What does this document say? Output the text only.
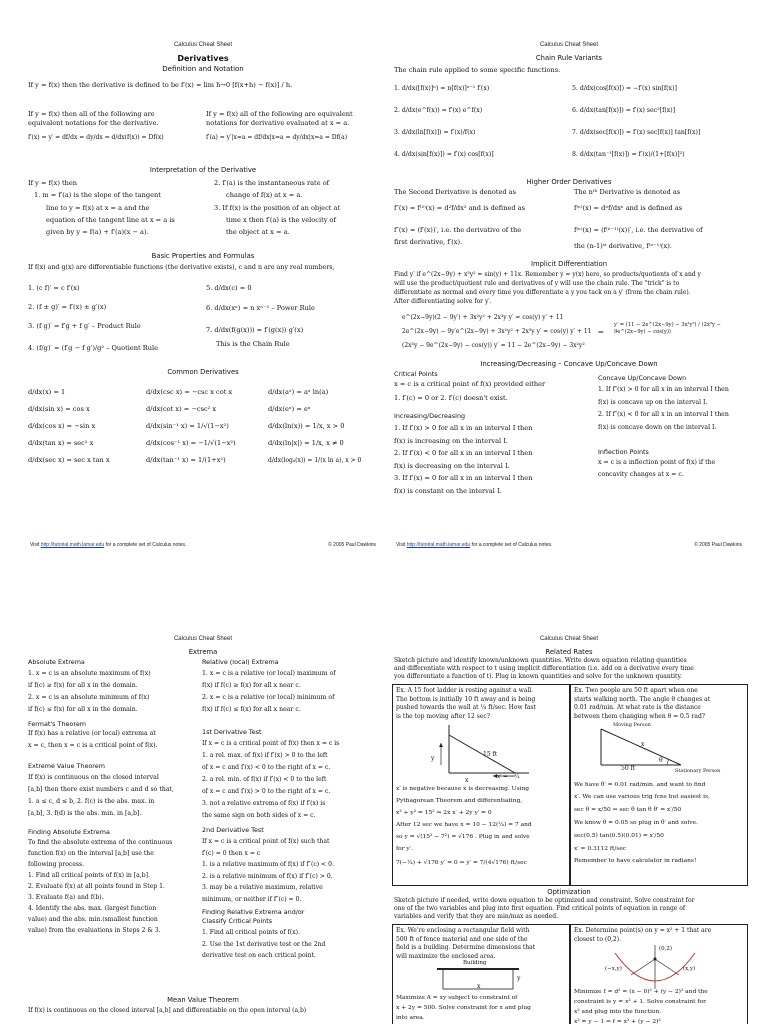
Calculus Cheat Sheet
Derivatives
Definition and Notation
If y = f(x) then the derivative is defined to be f′(x) = lim h→0 [f(x+h) − f(x)] / h.
If y = f(x) then all of the following are
equivalent notations for the derivative.
f′(x) = y′ = df/dx = dy/dx = d/dx(f(x)) = Df(x)
If y = f(x) all of the following are equivalent
notations for derivative evaluated at x = a.
f′(a) = y′|x=a = df/dx|x=a = dy/dx|x=a = Df(a)
Interpretation of the Derivative
If y = f(x) then
1. m = f′(a) is the slope of the tangent
line to y = f(x) at x = a and the
equation of the tangent line at x = a is
given by y = f(a) + f′(a)(x − a).
2. f′(a) is the instantaneous rate of
change of f(x) at x = a.
3. If f(x) is the position of an object at
time x then f′(a) is the velocity of
the object at x = a.
Basic Properties and Formulas
If f(x) and g(x) are differentiable functions (the derivative exists), c and n are any real numbers,
1. (c f)′ = c f′(x)
2. (f ± g)′ = f′(x) ± g′(x)
3. (f g)′ = f′g + f g′ – Product Rule
4. (f/g)′ = (f′g − f g′)/g² – Quotient Rule
5. d/dx(c) = 0
6. d/dx(xⁿ) = n xⁿ⁻¹ – Power Rule
7. d/dx(f(g(x))) = f′(g(x)) g′(x)
This is the Chain Rule
Common Derivatives
d/dx(x) = 1
d/dx(sin x) = cos x
d/dx(cos x) = −sin x
d/dx(tan x) = sec² x
d/dx(sec x) = sec x tan x
d/dx(csc x) = −csc x cot x
d/dx(cot x) = −csc² x
d/dx(sin⁻¹ x) = 1/√(1−x²)
d/dx(cos⁻¹ x) = −1/√(1−x²)
d/dx(tan⁻¹ x) = 1/(1+x²)
d/dx(aˣ) = aˣ ln(a)
d/dx(eˣ) = eˣ
d/dx(ln(x)) = 1/x, x > 0
d/dx(ln|x|) = 1/x, x ≠ 0
d/dx(logₐ(x)) = 1/(x ln a), x > 0
Visit http://tutorial.math.lamar.edu for a complete set of Calculus notes.	© 2005 Paul Dawkins
Calculus Cheat Sheet
Chain Rule Variants
The chain rule applied to some specific functions.
1. d/dx([f(x)]ⁿ) = n[f(x)]ⁿ⁻¹ f′(x)
2. d/dx(e^f(x)) = f′(x) e^f(x)
3. d/dx(ln[f(x)]) = f′(x)/f(x)
4. d/dx(sin[f(x)]) = f′(x) cos[f(x)]
5. d/dx(cos[f(x)]) = −f′(x) sin[f(x)]
6. d/dx(tan[f(x)]) = f′(x) sec²[f(x)]
7. d/dx(sec[f(x)]) = f′(x) sec[f(x)] tan[f(x)]
8. d/dx(tan⁻¹[f(x)]) = f′(x)/(1+[f(x)]²)
Higher Order Derivatives
The Second Derivative is denoted as
f″(x) = f⁽²⁾(x) = d²f/dx² and is defined as
f″(x) = (f′(x))′, i.e. the derivative of the
first derivative, f′(x).
The nᵗʰ Derivative is denoted as
f⁽ⁿ⁾(x) = dⁿf/dxⁿ and is defined as
f⁽ⁿ⁾(x) = (f⁽ⁿ⁻¹⁾(x))′, i.e. the derivative of
the (n-1)ˢᵗ derivative, f⁽ⁿ⁻¹⁾(x).
Implicit Differentiation
Find y′ if e^(2x−9y) + x³y² = sin(y) + 11x. Remember y = y(x) here, so products/quotients of x and y
will use the product/quotient rule and derivatives of y will use the chain rule. The "trick" is to
differentiate as normal and every time you differentiate a y you tack on a y′ (from the chain rule).
After differentiating solve for y′.
e^(2x−9y)(2 − 9y′) + 3x²y² + 2x³y y′ = cos(y) y′ + 11
2e^(2x−9y) − 9y′e^(2x−9y) + 3x²y² + 2x³y y′ = cos(y) y′ + 11
(2x³y − 9e^(2x−9y) − cos(y)) y′ = 11 − 2e^(2x−9y) − 3x²y²
⇒
y′ = (11 − 2e^(2x−9y) − 3x²y²) / (2x³y − 9e^(2x−9y) − cos(y))
Increasing/Decreasing – Concave Up/Concave Down
Critical Points
x = c is a critical point of f(x) provided either
1. f′(c) = 0 or 2. f′(c) doesn't exist.
Increasing/Decreasing
1. If f′(x) > 0 for all x in an interval I then
f(x) is increasing on the interval I.
2. If f′(x) < 0 for all x in an interval I then
f(x) is decreasing on the interval I.
3. If f′(x) = 0 for all x in an interval I then
f(x) is constant on the interval I.
Concave Up/Concave Down
1. If f″(x) > 0 for all x in an interval I then
f(x) is concave up on the interval I.
2. If f″(x) < 0 for all x in an interval I then
f(x) is concave down on the interval I.
Inflection Points
x = c is a inflection point of f(x) if the
concavity changes at x = c.
Visit http://tutorial.math.lamar.edu for a complete set of Calculus notes.	© 2005 Paul Dawkins
Calculus Cheat Sheet
Extrema
Absolute Extrema
1. x = c is an absolute maximum of f(x)
if f(c) ≥ f(x) for all x in the domain.
2. x = c is an absolute minimum of f(x)
if f(c) ≤ f(x) for all x in the domain.
Fermat's Theorem
If f(x) has a relative (or local) extrema at
x = c, then x = c is a critical point of f(x).
Extreme Value Theorem
If f(x) is continuous on the closed interval
[a,b] then there exist numbers c and d so that,
1. a ≤ c, d ≤ b, 2. f(c) is the abs. max. in
[a,b], 3. f(d) is the abs. min. in [a,b].
Finding Absolute Extrema
To find the absolute extrema of the continuous
function f(x) on the interval [a,b] use the
following process.
1. Find all critical points of f(x) in [a,b].
2. Evaluate f(x) at all points found in Step 1.
3. Evaluate f(a) and f(b).
4. Identify the abs. max. (largest function
value) and the abs. min.(smallest function
value) from the evaluations in Steps 2 & 3.
Relative (local) Extrema
1. x = c is a relative (or local) maximum of
f(x) if f(c) ≥ f(x) for all x near c.
2. x = c is a relative (or local) minimum of
f(x) if f(c) ≤ f(x) for all x near c.
1st Derivative Test
If x = c is a critical point of f(x) then x = c is
1. a rel. max. of f(x) if f′(x) > 0 to the left
of x = c and f′(x) < 0 to the right of x = c.
2. a rel. min. of f(x) if f′(x) < 0 to the left
of x = c and f′(x) > 0 to the right of x = c.
3. not a relative extrema of f(x) if f′(x) is
the same sign on both sides of x = c.
2nd Derivative Test
If x = c is a critical point of f(x) such that
f′(c) = 0 then x = c
1. is a relative maximum of f(x) if f″(c) < 0.
2. is a relative minimum of f(x) if f″(c) > 0.
3. may be a relative maximum, relative
minimum, or neither if f″(c) = 0.
Finding Relative Extrema and/or
Classify Critical Points
1. Find all critical points of f(x).
2. Use the 1st derivative test or the 2nd
derivative test on each critical point.
Mean Value Theorem
If f(x) is continuous on the closed interval [a,b] and differentiable on the open interval (a,b)
Calculus Cheat Sheet
Related Rates
Sketch picture and identify known/unknown quantities. Write down equation relating quantities
and differentiate with respect to t using implicit differentiation (i.e. add on a derivative every time
you differentiate a function of t). Plug in known quantities and solve for the unknown quantity.
Ex. A 15 foot ladder is resting against a wall.
The bottom is initially 10 ft away and is being
pushed towards the wall at ¼ ft/sec. How fast
is the top moving after 12 sec?
15 ft
y
x′ = −¼
x
x′ is negative because x is decreasing. Using
Pythagorean Theorem and differentiating,
x² + y² = 15² ⇒ 2x x′ + 2y y′ = 0
After 12 sec we have x = 10 − 12(¼) = 7 and
so y = √(15² − 7²) = √176 . Plug in and solve
for y′.
7(−¼) + √176 y′ = 0 ⇒ y′ = 7/(4√176) ft/sec
Ex. Two people are 50 ft apart when one
starts walking north. The angle θ changes at
0.01 rad/min. At what rate is the distance
between them changing when θ = 0.5 rad?
Moving Person
x
50 ft
θ
Stationary Person
We have θ′ = 0.01 rad/min. and want to find
x′. We can use various trig fcns but easiest is,
sec θ = x/50 ⇒ sec θ tan θ θ′ = x′/50
We know θ = 0.05 so plug in θ′ and solve.
sec(0.5) tan(0.5)(0.01) = x′/50
x′ = 0.3112 ft/sec
Remember to have calculator in radians!
Optimization
Sketch picture if needed, write down equation to be optimized and constraint. Solve constraint for
one of the two variables and plug into first equation. Find critical points of equation in range of
variables and verify that they are min/max as needed.
Ex. We're enclosing a rectangular field with
500 ft of fence material and one side of the
field is a building. Determine dimensions that
will maximize the enclosed area.
Building
y
x
Maximize A = xy subject to constraint of
x + 2y = 500. Solve constraint for x and plug
into area.
Ex. Determine point(s) on y = x² + 1 that are
closest to (0,2).
(0,2)
(−x,y)	(x,y)
Minimize f = d² = (x − 0)² + (y − 2)² and the
constraint is y = x² + 1. Solve constraint for
x² and plug into the function.
x² = y − 1 ⇒ f = x² + (y − 2)²
